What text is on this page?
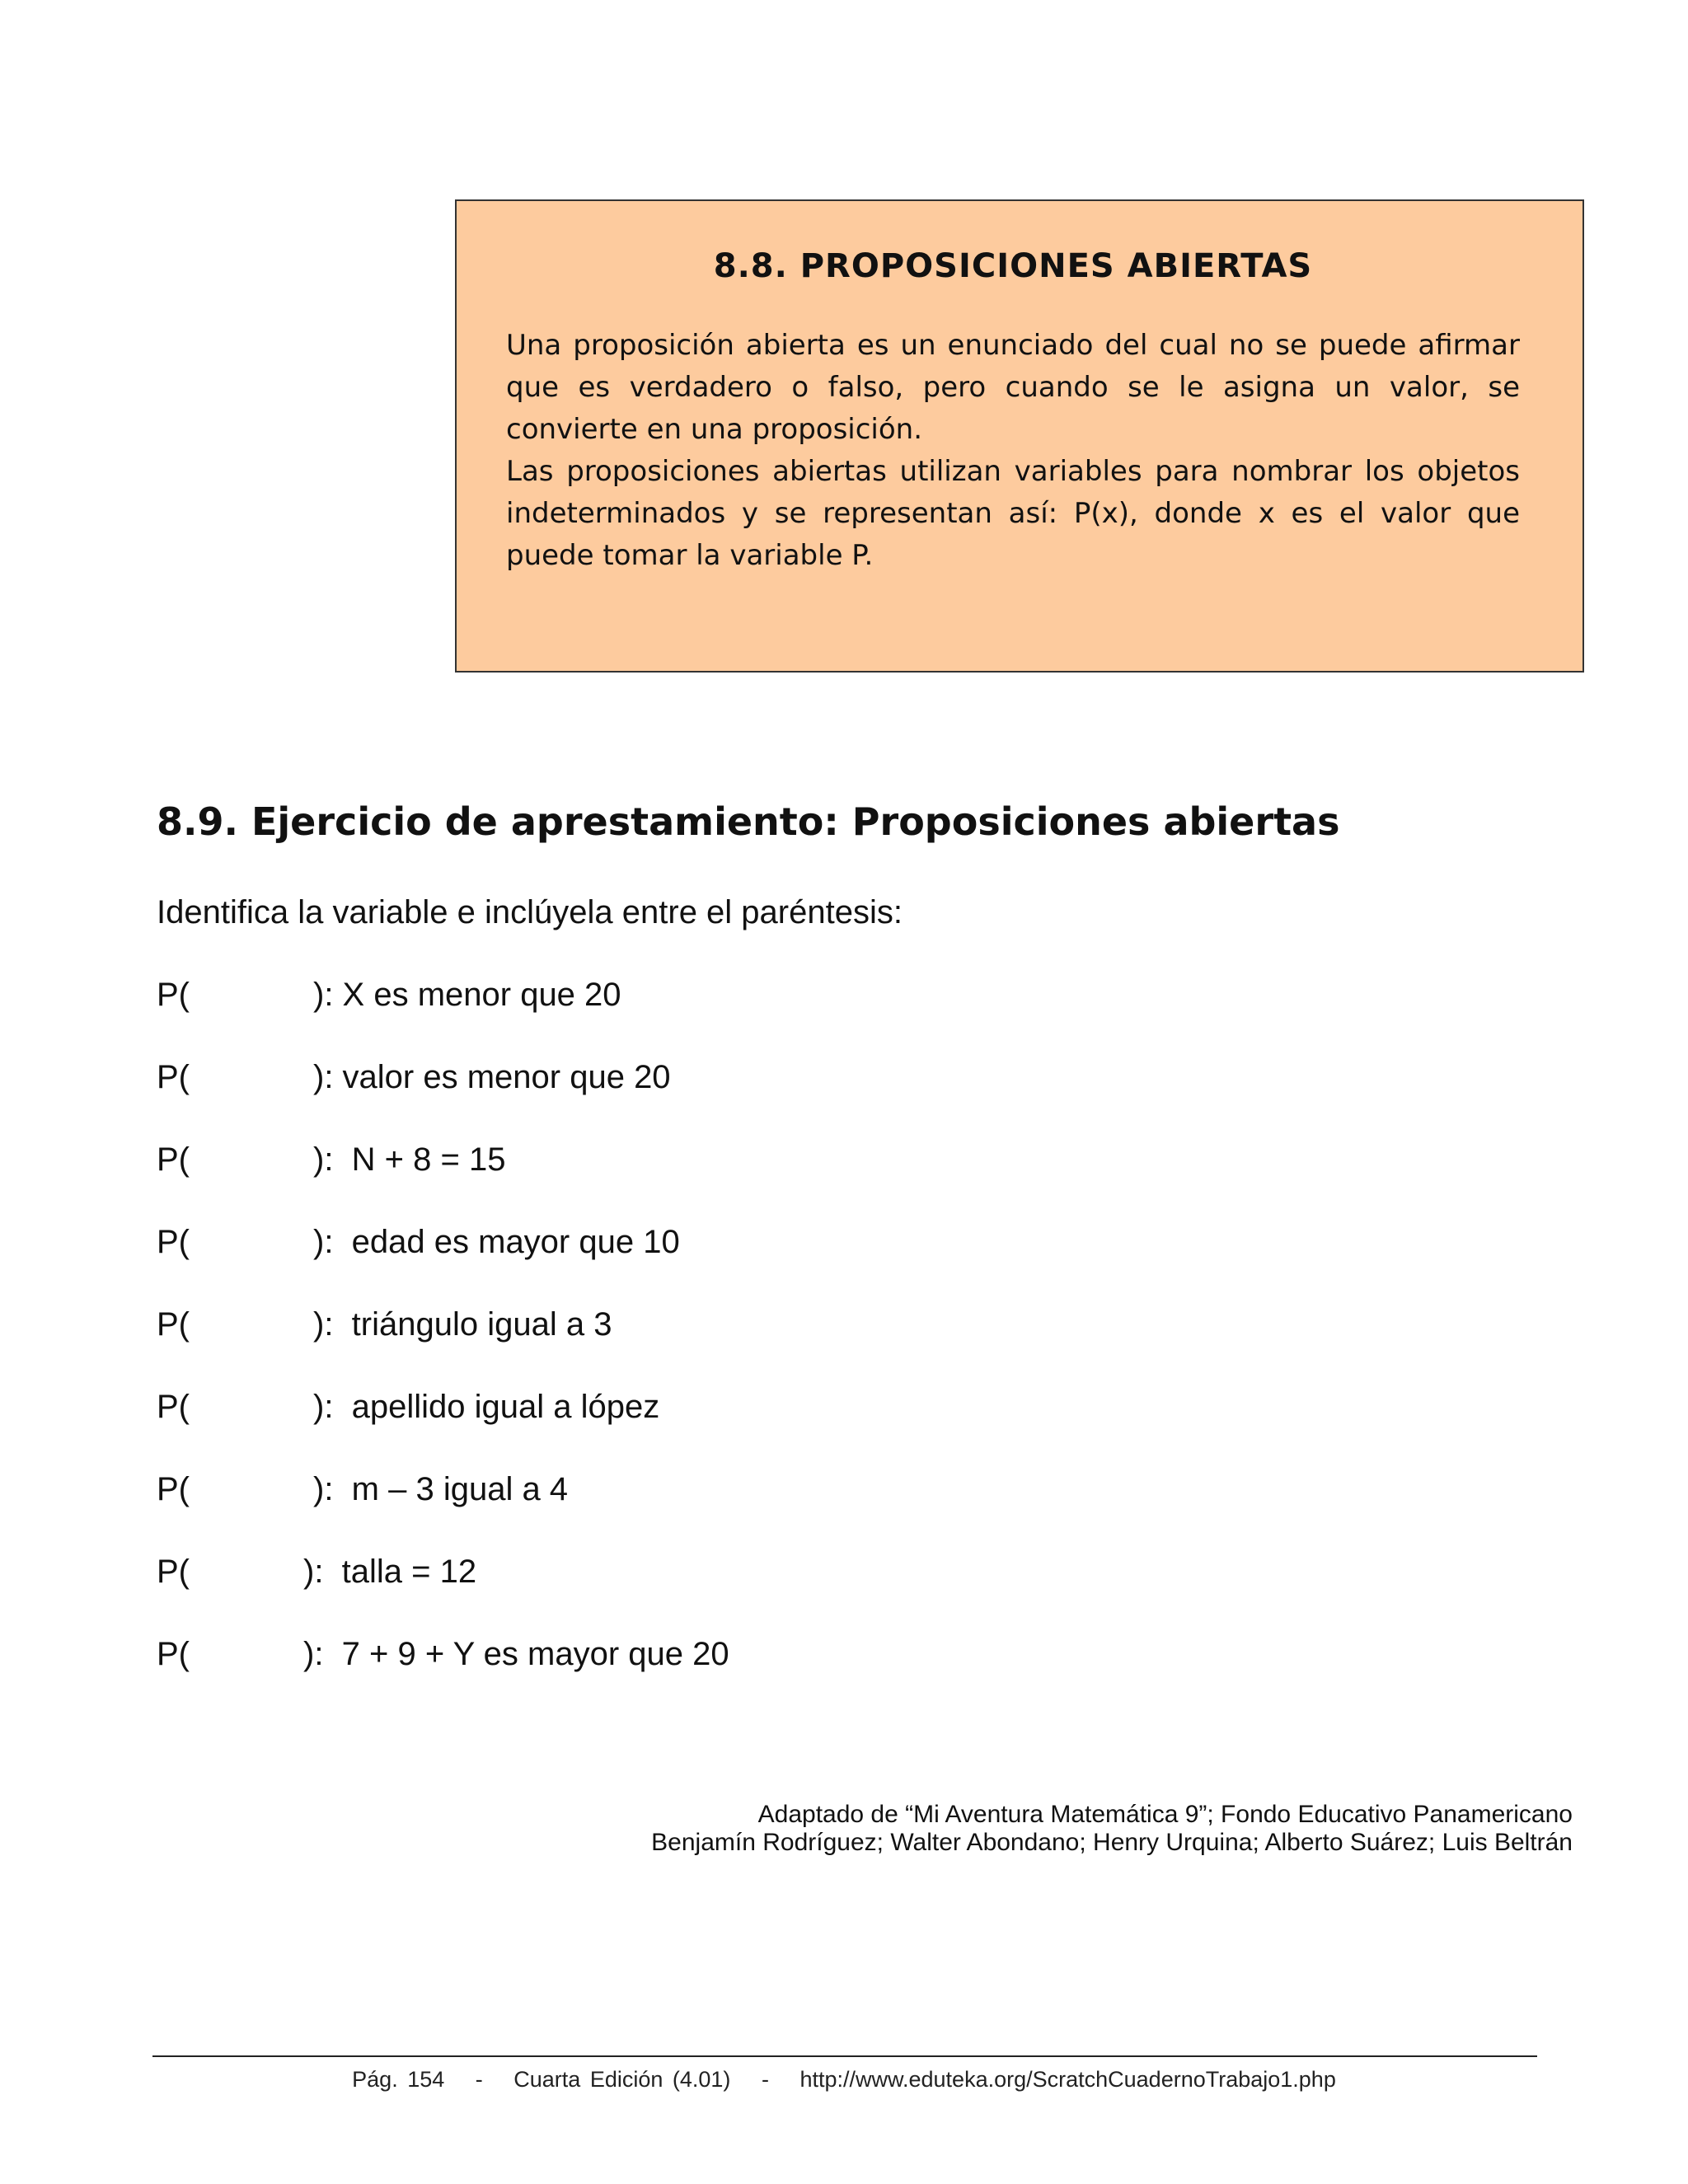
8.8. PROPOSICIONES ABIERTAS

Una proposición abierta es un enunciado del cual no se puede afirmar que es verdadero o falso, pero cuando se le asigna un valor, se convierte en una proposición.

Las proposiciones abiertas utilizan variables para nombrar los objetos indeterminados y se representan así: P(x), donde x es el valor que puede tomar la variable P.

8.9. Ejercicio de aprestamiento: Proposiciones abiertas

Identifica la variable e inclúyela entre el paréntesis:

P(

	): X es menor que 20

P(

	): valor es menor que 20

P(

	):  N + 8 = 15

P(

	):  edad es mayor que 10

P(

	):  triángulo igual a 3

P(

	):  apellido igual a lópez

P(

	):  m – 3 igual a 4

P(

	):  talla = 12

P(

	):  7 + 9 + Y es mayor que 20

Adaptado de “Mi Aventura Matemática 9”; Fondo Educativo Panamericano
Benjamín Rodríguez; Walter Abondano; Henry Urquina; Alberto Suárez; Luis Beltrán
Pág. 154 - Cuarta Edición (4.01) - http://www.eduteka.org/ScratchCuadernoTrabajo1.php
